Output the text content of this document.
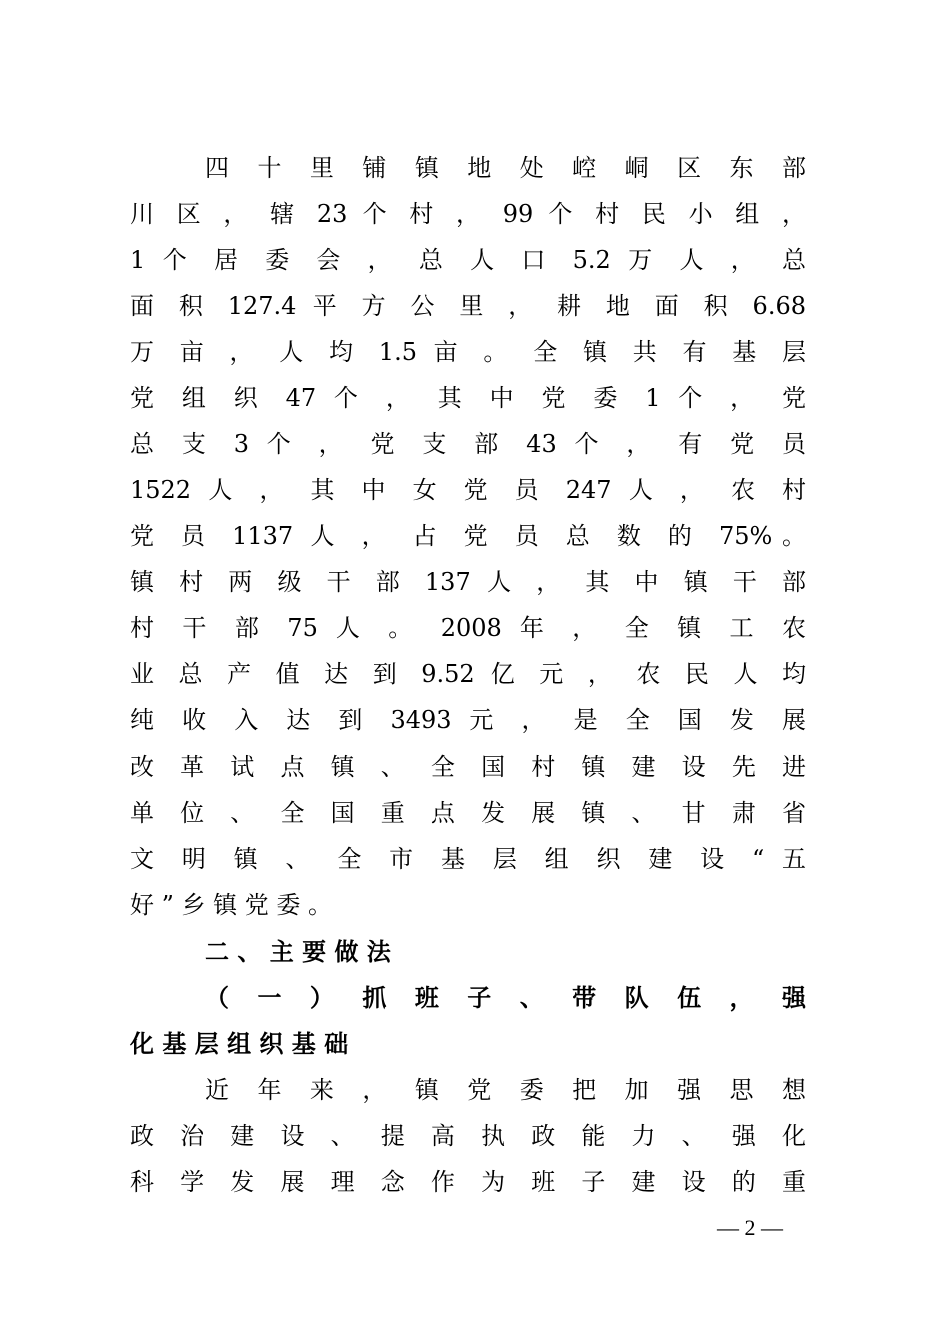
四 十 里 铺 镇 地 处 崆 峒 区 东 部
川 区 ， 辖 23 个 村 ， 99 个 村 民 小 组 ，
1 个 居 委 会 ， 总 人 口 5.2 万 人 ， 总
面 积 127.4 平 方 公 里 ， 耕 地 面 积 6.68
万 亩 ， 人 均 1.5 亩 。 全 镇 共 有 基 层
党 组 织 47 个 ， 其 中 党 委 1 个 ， 党
总 支 3 个 ， 党 支 部 43 个 ， 有 党 员
1522 人 ， 其 中 女 党 员 247 人 ， 农 村
党 员 1137 人 ， 占 党 员 总 数 的 75%。
镇 村 两 级 干 部 137 人 ， 其 中 镇 干 部
村 干 部 75 人 。 2008 年 ， 全 镇 工 农
业 总 产 值 达 到 9.52 亿 元 ， 农 民 人 均
纯 收 入 达 到 3493 元 ， 是 全 国 发 展
改 革 试 点 镇 、 全 国 村 镇 建 设 先 进
单 位 、 全 国 重 点 发 展 镇 、 甘 肃 省
文 明 镇 、 全 市 基 层 组 织 建 设 “ 五
好 ” 乡 镇 党 委 。
二 、 主 要 做 法
（ 一 ） 抓 班 子 、 带 队 伍 ， 强
化 基 层 组 织 基 础
近 年 来 ， 镇 党 委 把 加 强 思 想
政 治 建 设 、 提 高 执 政 能 力 、 强 化
科 学 发 展 理 念 作 为 班 子 建 设 的 重
— 2 —
